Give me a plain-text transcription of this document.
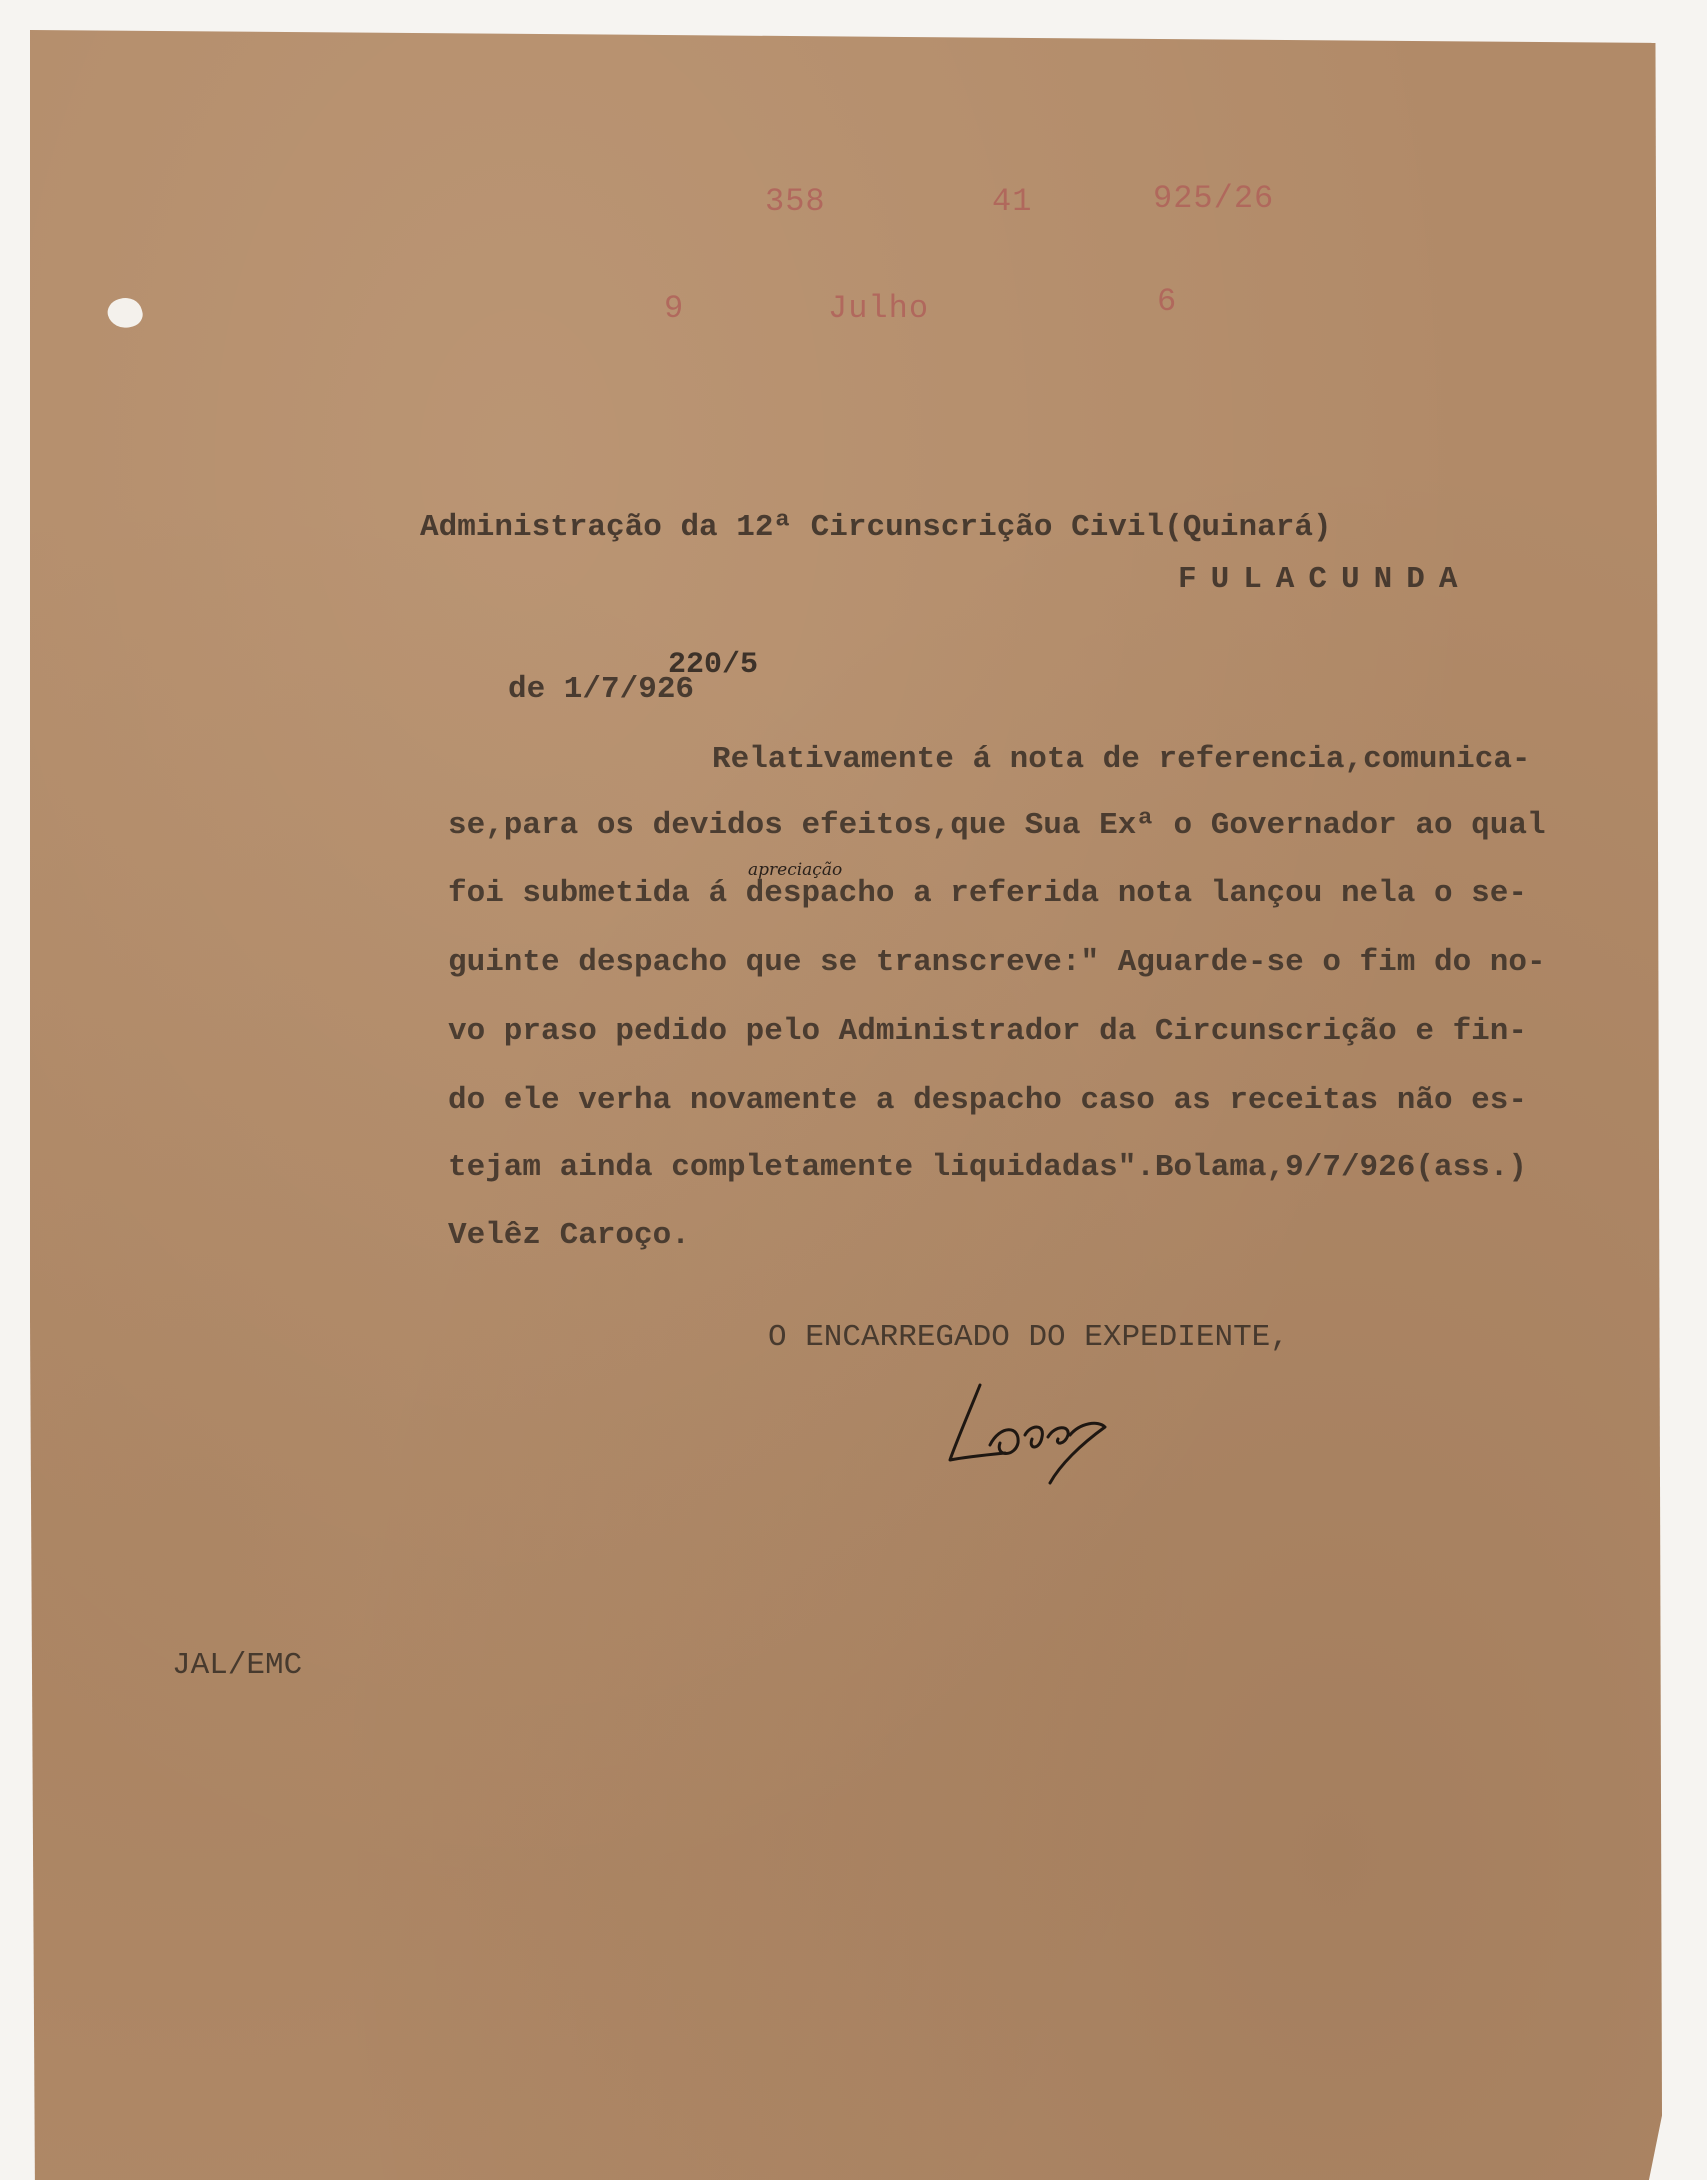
358	41	925/26
9	Julho	6
Administração da 12ª Circunscrição Civil(Quinará)
FULACUNDA
de 1/7/926
220/5
Relativamente á nota de referencia,comunica-
se,para os devidos efeitos,que Sua Exª o Governador ao qual
foi submetida á despacho a referida nota lançou nela o se-
apreciação
guinte despacho que se transcreve:" Aguarde-se o fim do no-
vo praso pedido pelo Administrador da Circunscrição e fin-
do ele verha novamente a despacho caso as receitas não es-
tejam ainda completamente liquidadas".Bolama,9/7/926(ass.)
Velêz Caroço.
O ENCARREGADO DO EXPEDIENTE,
JAL/EMC
